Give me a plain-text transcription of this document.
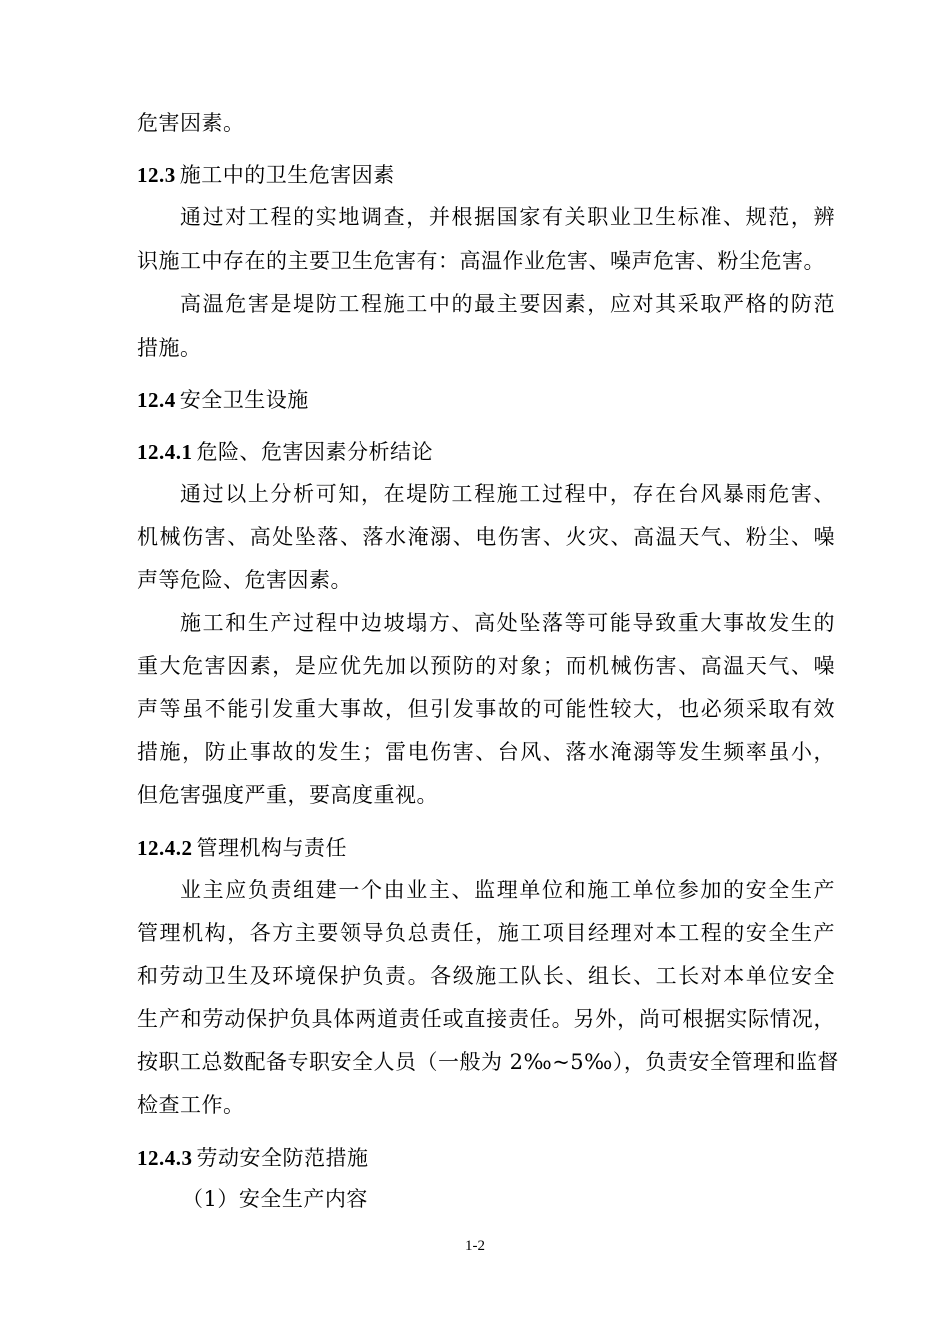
危害因素。
12.3 施工中的卫生危害因素
通过对工程的实地调查，并根据国家有关职业卫生标准、规范，辨
识施工中存在的主要卫生危害有：高温作业危害、噪声危害、粉尘危害。
高温危害是堤防工程施工中的最主要因素，应对其采取严格的防范
措施。
12.4 安全卫生设施
12.4.1 危险、危害因素分析结论
通过以上分析可知，在堤防工程施工过程中，存在台风暴雨危害、
机械伤害、高处坠落、落水淹溺、电伤害、火灾、高温天气、粉尘、噪
声等危险、危害因素。
施工和生产过程中边坡塌方、高处坠落等可能导致重大事故发生的
重大危害因素，是应优先加以预防的对象；而机械伤害、高温天气、噪
声等虽不能引发重大事故，但引发事故的可能性较大，也必须采取有效
措施，防止事故的发生；雷电伤害、台风、落水淹溺等发生频率虽小，
但危害强度严重，要高度重视。
12.4.2 管理机构与责任
业主应负责组建一个由业主、监理单位和施工单位参加的安全生产
管理机构，各方主要领导负总责任，施工项目经理对本工程的安全生产
和劳动卫生及环境保护负责。各级施工队长、组长、工长对本单位安全
生产和劳动保护负具体两道责任或直接责任。另外，尚可根据实际情况，
按职工总数配备专职安全人员（一般为 2‰~5‰），负责安全管理和监督
检查工作。
12.4.3 劳动安全防范措施
（1）安全生产内容
1-2
